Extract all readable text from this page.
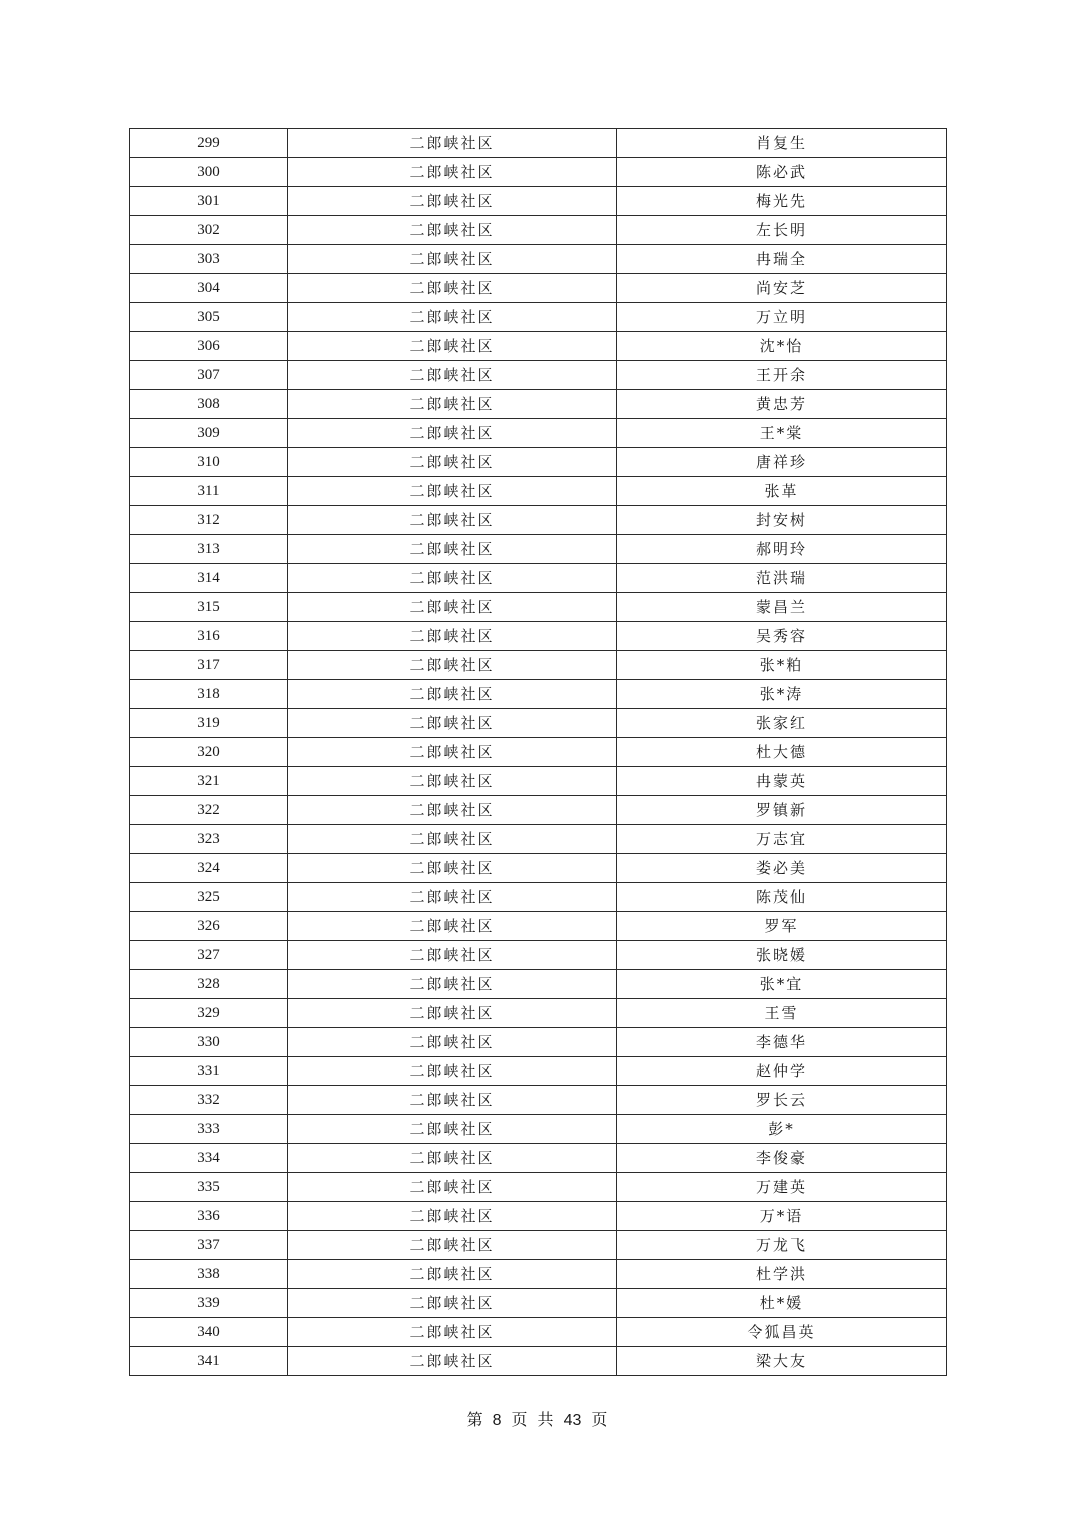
299	二郎峡社区	肖复生
300	二郎峡社区	陈必武
301	二郎峡社区	梅光先
302	二郎峡社区	左长明
303	二郎峡社区	冉瑞全
304	二郎峡社区	尚安芝
305	二郎峡社区	万立明
306	二郎峡社区	沈*怡
307	二郎峡社区	王开余
308	二郎峡社区	黄忠芳
309	二郎峡社区	王*棠
310	二郎峡社区	唐祥珍
311	二郎峡社区	张革
312	二郎峡社区	封安树
313	二郎峡社区	郝明玲
314	二郎峡社区	范洪瑞
315	二郎峡社区	蒙昌兰
316	二郎峡社区	吴秀容
317	二郎峡社区	张*粕
318	二郎峡社区	张*涛
319	二郎峡社区	张家红
320	二郎峡社区	杜大德
321	二郎峡社区	冉蒙英
322	二郎峡社区	罗镇新
323	二郎峡社区	万志宜
324	二郎峡社区	娄必美
325	二郎峡社区	陈茂仙
326	二郎峡社区	罗军
327	二郎峡社区	张晓媛
328	二郎峡社区	张*宜
329	二郎峡社区	王雪
330	二郎峡社区	李德华
331	二郎峡社区	赵仲学
332	二郎峡社区	罗长云
333	二郎峡社区	彭*
334	二郎峡社区	李俊豪
335	二郎峡社区	万建英
336	二郎峡社区	万*语
337	二郎峡社区	万龙飞
338	二郎峡社区	杜学洪
339	二郎峡社区	杜*媛
340	二郎峡社区	令狐昌英
341	二郎峡社区	梁大友
第 8 页 共 43 页
